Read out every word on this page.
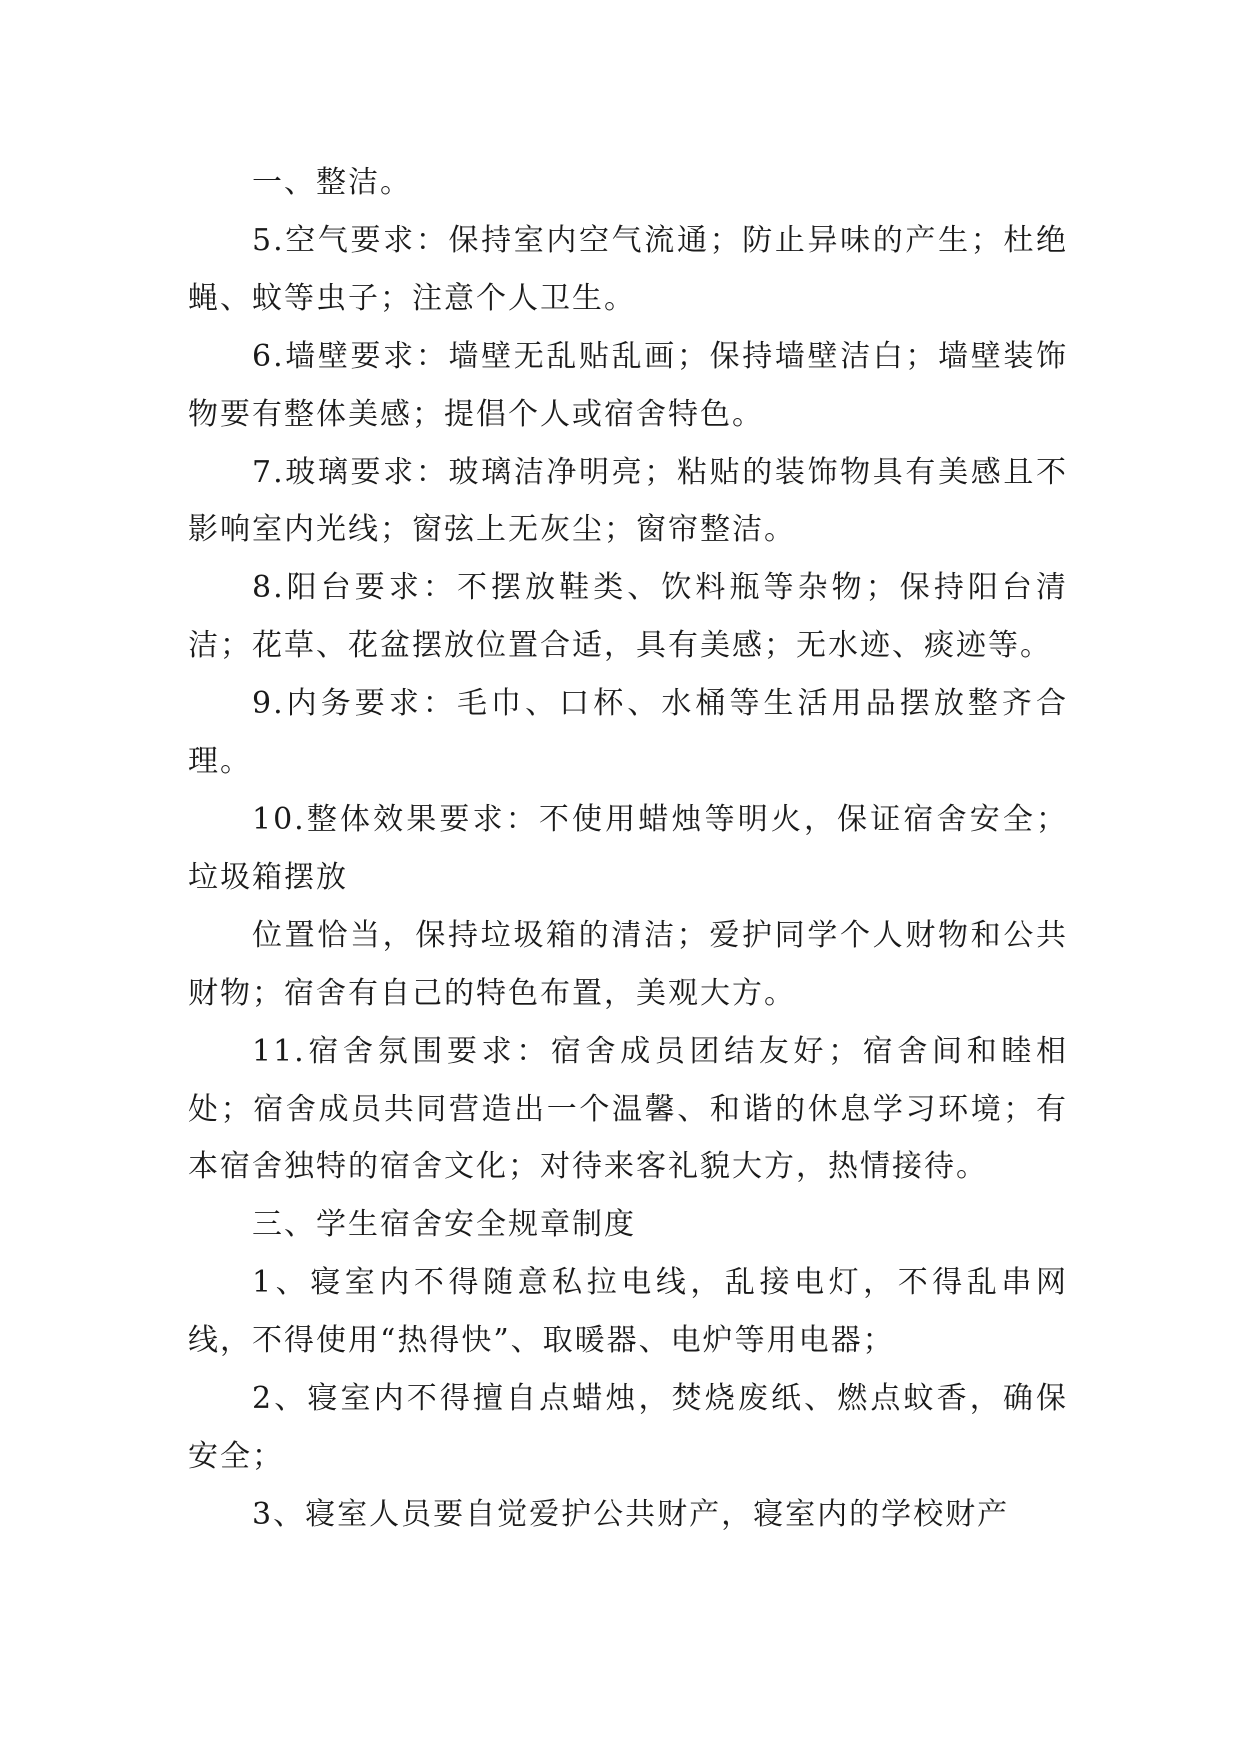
一、整洁。

5.空气要求：保持室内空气流通；防止异味的产生；杜绝蝇、蚊等虫子；注意个人卫生。

6.墙壁要求：墙壁无乱贴乱画；保持墙壁洁白；墙壁装饰物要有整体美感；提倡个人或宿舍特色。

7.玻璃要求：玻璃洁净明亮；粘贴的装饰物具有美感且不影响室内光线；窗弦上无灰尘；窗帘整洁。

8.阳台要求：不摆放鞋类、饮料瓶等杂物；保持阳台清洁；花草、花盆摆放位置合适，具有美感；无水迹、痰迹等。

9.内务要求：毛巾、口杯、水桶等生活用品摆放整齐合理。

10.整体效果要求：不使用蜡烛等明火，保证宿舍安全；垃圾箱摆放

位置恰当，保持垃圾箱的清洁；爱护同学个人财物和公共财物；宿舍有自己的特色布置，美观大方。

11.宿舍氛围要求：宿舍成员团结友好；宿舍间和睦相处；宿舍成员共同营造出一个温馨、和谐的休息学习环境；有本宿舍独特的宿舍文化；对待来客礼貌大方，热情接待。

三、学生宿舍安全规章制度

1、寝室内不得随意私拉电线，乱接电灯，不得乱串网线，不得使用“热得快”、取暖器、电炉等用电器；

2、寝室内不得擅自点蜡烛，焚烧废纸、燃点蚊香，确保安全；

3、寝室人员要自觉爱护公共财产，寝室内的学校财产
